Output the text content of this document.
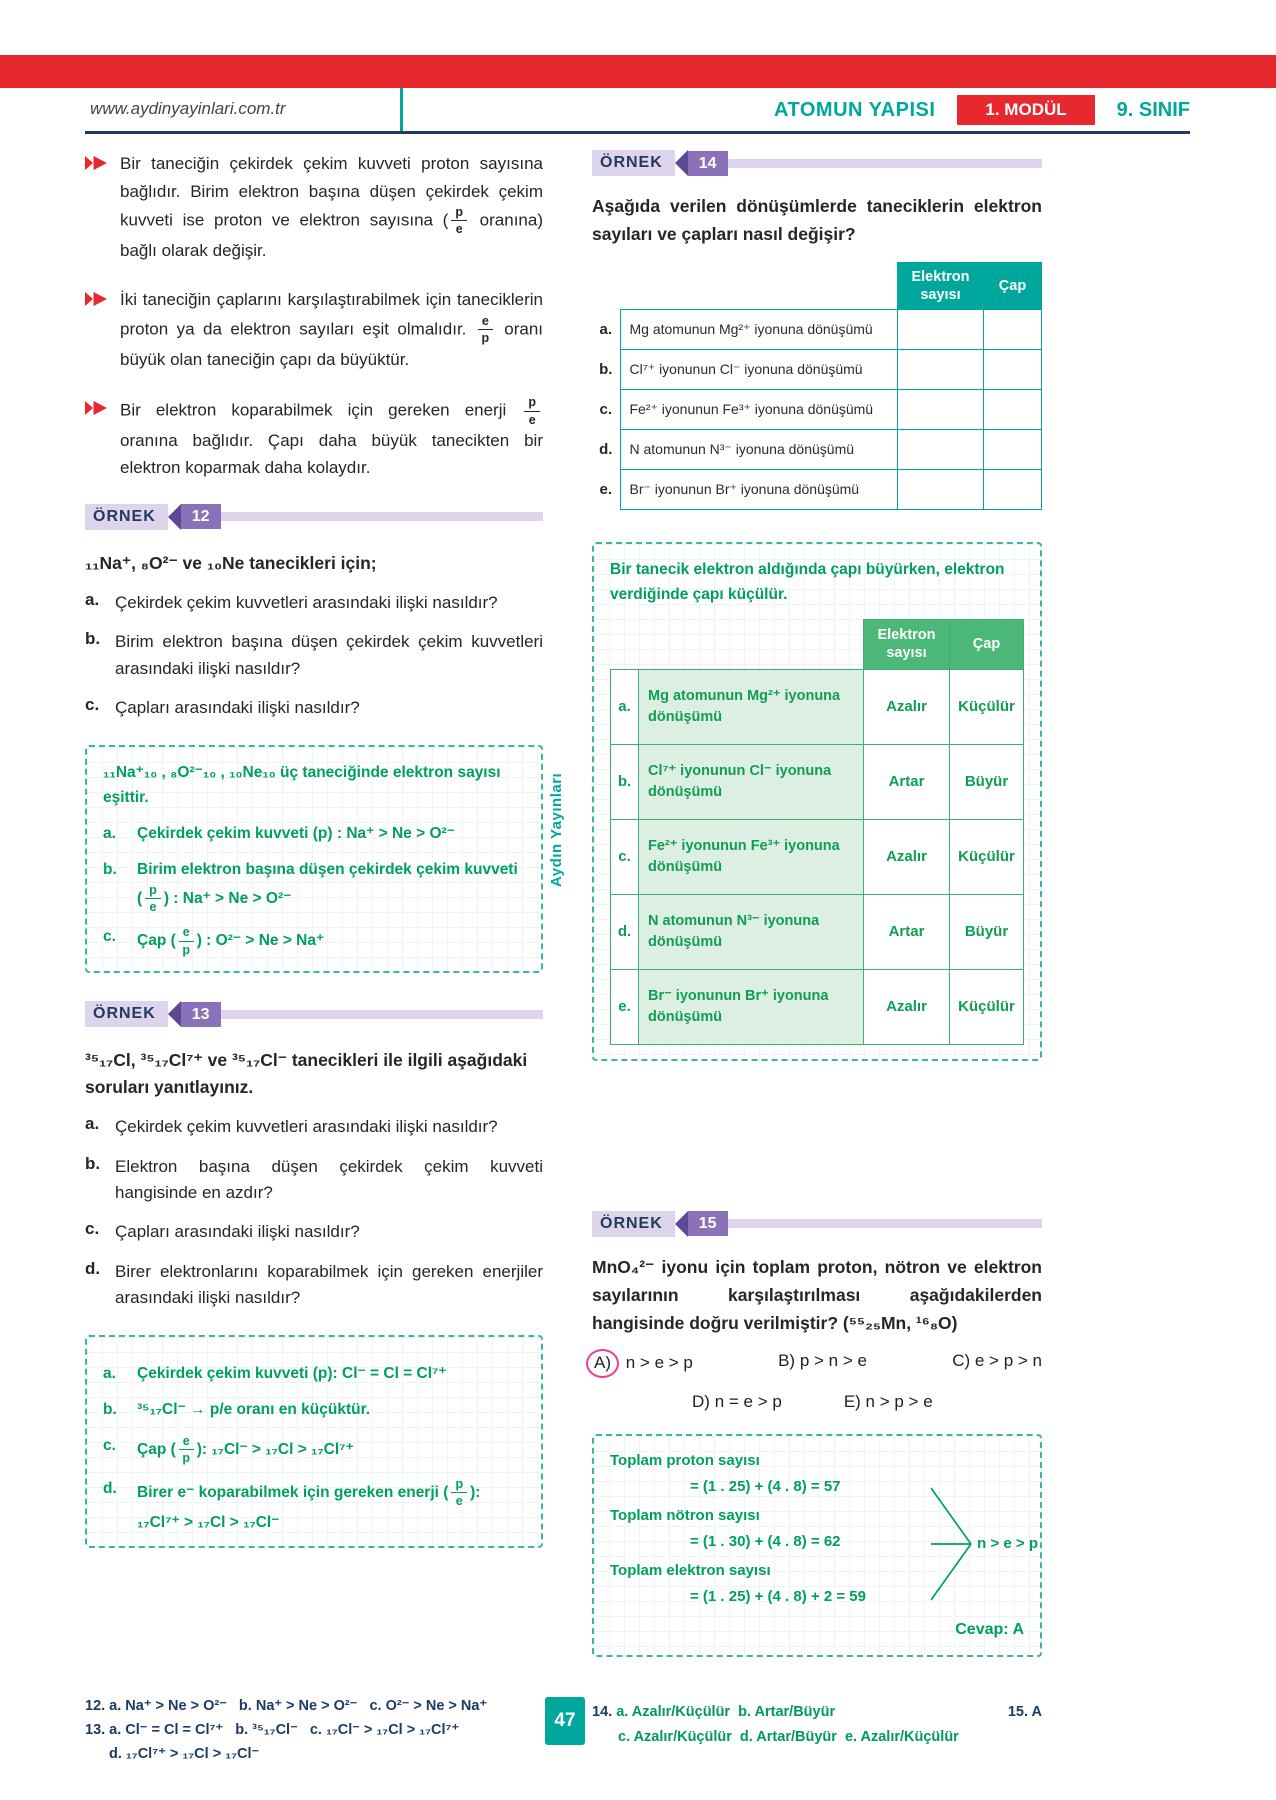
www.aydinyayinlari.com.tr	ATOMUN YAPISI	1. MODÜL	9. SINIF
Aydın Yayınları

Bir taneciğin çekirdek çekim kuvveti proton sayısına bağlıdır. Birim elektron başına düşen çekirdek çekim kuvveti ise proton ve elektron sayısına ( $\frac{p}{e}$ oranına) bağlı olarak değişir.

İki taneciğin çaplarını karşılaştırabilmek için taneciklerin proton ya da elektron sayıları eşit olmalıdır. $\frac{e}{p}$ oranı büyük olan taneciğin çapı da büyüktür.

Bir elektron koparabilmek için gereken enerji $\frac{p}{e}$
oranına bağlıdır. Çapı daha büyük tanecikten bir elektron koparmak daha kolaydır.

ÖRNEK	12

₁₁Na⁺, ₈O²⁻ ve ₁₀Ne tanecikleri için;

a. Çekirdek çekim kuvvetleri arasındaki ilişki nasıldır?

b. Birim elektron başına düşen çekirdek çekim kuvvetleri arasındaki ilişki nasıldır?

c. Çapları arasındaki ilişki nasıldır?

₁₁Na⁺₁₀ , ₈O²⁻₁₀ , ₁₀Ne₁₀ üç taneciğinde elektron sayısı eşittir.

a.	Çekirdek çekim kuvveti (p) : Na⁺ > Ne > O²⁻

b.	Birim elektron başına düşen çekirdek çekim kuvveti ( $\frac{p}{e}$ ) : Na⁺ > Ne > O²⁻

c.	Çap ( $\frac{e}{p}$ ) : O²⁻ > Ne > Na⁺

ÖRNEK	13

³⁵₁₇Cl, ³⁵₁₇Cl⁷⁺ ve ³⁵₁₇Cl⁻ tanecikleri ile ilgili aşağıdaki soruları yanıtlayınız.

a. Çekirdek çekim kuvvetleri arasındaki ilişki nasıldır?

b. Elektron başına düşen çekirdek çekim kuvveti hangisinde en azdır?

c. Çapları arasındaki ilişki nasıldır?

d. Birer elektronlarını koparabilmek için gereken enerjiler arasındaki ilişki nasıldır?

a.	Çekirdek çekim kuvveti (p): Cl⁻ = Cl = Cl⁷⁺

b.	³⁵₁₇Cl⁻ → p/e oranı en küçüktür.

c.	Çap ( $\frac{e}{p}$ ): ₁₇Cl⁻ > ₁₇Cl > ₁₇Cl⁷⁺

d.	Birer e⁻ koparabilmek için gereken enerji ( $\frac{p}{e}$ ):

₁₇Cl⁷⁺ > ₁₇Cl > ₁₇Cl⁻
ÖRNEK	14

Aşağıda verilen dönüşümlerde taneciklerin elektron sayıları ve çapları nasıl değişir?

		Elektron sayısı	Çap
a.	Mg atomunun Mg²⁺ iyonuna dönüşümü		
b.	Cl⁷⁺ iyonunun Cl⁻ iyonuna dönüşümü		
c.	Fe²⁺ iyonunun Fe³⁺ iyonuna dönüşümü		
d.	N atomunun N³⁻ iyonuna dönüşümü		
e.	Br⁻ iyonunun Br⁺ iyonuna dönüşümü		

Bir tanecik elektron aldığında çapı büyürken, elektron verdiğinde çapı küçülür.

		Elektron sayısı	Çap
a.	Mg atomunun Mg²⁺ iyonuna dönüşümü	Azalır	Küçülür
b.	Cl⁷⁺ iyonunun Cl⁻ iyonuna dönüşümü	Artar	Büyür
c.	Fe²⁺ iyonunun Fe³⁺ iyonuna dönüşümü	Azalır	Küçülür
d.	N atomunun N³⁻ iyonuna dönüşümü	Artar	Büyür
e.	Br⁻ iyonunun Br⁺ iyonuna dönüşümü	Azalır	Küçülür
ÖRNEK	15

MnO₄²⁻ iyonu için toplam proton, nötron ve elektron sayılarının karşılaştırılması aşağıdakilerden hangisinde doğru verilmiştir? (⁵⁵₂₅Mn, ¹⁶₈O)

A) n > e > p	B) p > n > e	C) e > p > n
D) n = e > p	E) n > p > e
Toplam proton sayısı
= (1 . 25) + (4 . 8) = 57
Toplam nötron sayısı
= (1 . 30) + (4 . 8) = 62
Toplam elektron sayısı
= (1 . 25) + (4 . 8) + 2 = 59
n > e > p
Cevap: A
12. a. Na⁺ > Ne > O²⁻   b. Na⁺ > Ne > O²⁻   c. O²⁻ > Ne > Na⁺
13. a. Cl⁻ = Cl = Cl⁷⁺   b. ³⁵₁₇Cl⁻   c. ₁₇Cl⁻ > ₁₇Cl > ₁₇Cl⁷⁺
d. ₁₇Cl⁷⁺ > ₁₇Cl > ₁₇Cl⁻
47	14. a. Azalır/Küçülür  b. Artar/Büyür	15. A
c. Azalır/Küçülür  d. Artar/Büyür  e. Azalır/Küçülür
